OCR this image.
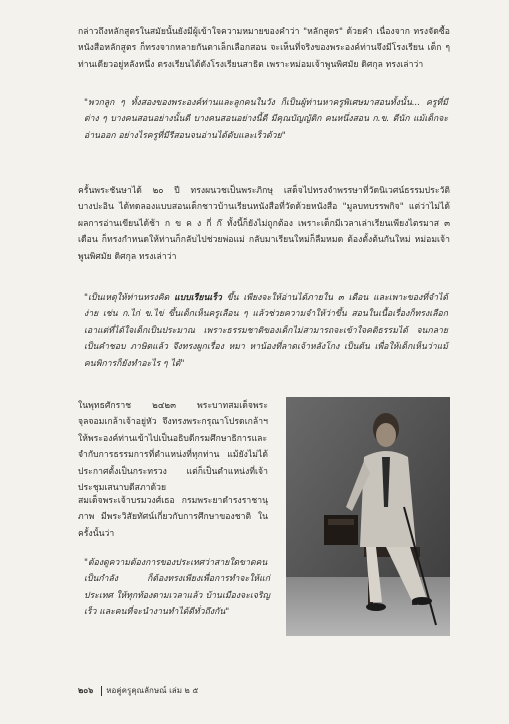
กล่าวถึงหลักสูตรในสมัยนั้นยังมีผู้เข้าใจความหมายของคำว่า "หลักสูตร" ด้วยคำ เนื่องจาก ทรงจัดซื้อหนังสือหลักสูตร ก็ทรงจากหลายกันตาเล็กเลือกสอน จะเห็นที่จริงของพระองค์ท่านจึงมีโรงเรียน เด็ก ๆ ท่านเดียวอยู่หลังหนึ่ง ตรงเรียนได้ดังโรงเรียนสาธิต เพราะหม่อมเจ้าพูนพิศมัย ดิศกุล ทรงเล่าว่า

"พวกลูก ๆ ทั้งสองของพระองค์ท่านและลูกคนในวัง ก็เป็นผู้ท่านหาครูพิเศษมาสอนทั้งนั้น... ครูที่มีต่าง ๆ บางคนสอนอย่างนั้นดี บางคนสอนอย่างนี้ดี มีคุณบัญญัติก คนหนึ่งสอน ก.ข. ดีนัก แม้เด็กจะอ่านออก อย่างไรครูที่มีรีสอนจนอ่านได้ดับและเร็วด้วย"

ครั้นพระชันษาได้ ๒๐ ปี ทรงผนวชเป็นพระภิกษุ เสด็จไปทรงจำพรรษาที่วัดนิเวศน์ธรรมประวัติ บางปะอิน ได้ทดลองแบบสอนเด็กชาวบ้านเรียนหนังสือที่วัดด้วยหนังสือ "มูลบทบรรพกิจ" แต่ว่าไม่ได้ผลการอ่านเขียนได้ช้า ก ข ค ง กี่ ก๊ ทั้งนี้ก็ยังไม่ถูกต้อง เพราะเด็กมีเวลาเล่าเรียนเพียงไตรมาส ๓ เดือน ก็ทรงกำหนดให้ท่านก็กลับไปช่วยพ่อแม่ กลับมาเรียนใหม่ก็ลืมหมด ต้องตั้งต้นกันใหม่ หม่อมเจ้าพูนพิศมัย ดิศกุล ทรงเล่าว่า

"เป็นเหตุให้ท่านทรงคิด แบบเรียนเร็ว ขึ้น เพียงจะให้อ่านได้ภายใน ๓ เดือน และเพาะของที่จำได้ง่าย เช่น ก.ไก่ ข.ไข่ ขึ้นเด็กเห็นครูเลือน ๆ แล้วช่วยความจำให้ว่าขึ้น สอนในเนื้อเรื่องก็ทรงเลือกเอาแต่ที่ได้ใจเด็กเป็นประมาณ เพราะธรรมชาติของเด็กไม่สามารถจะเข้าใจคติธรรมได้ จนกลายเป็นคำชอบ ภาษิตแล้ว จึงทรงผูกเรื่อง หมา หาน้องที่ลาดเจ้าหลังโกง เป็นต้น เพื่อให้เด็กเห็นว่าแม้คนพิการก็ยังทำอะไร ๆ ได้"

ในพุทธศักราช ๒๔๒๓ พระบาทสมเด็จพระจุลจอมเกล้าเจ้าอยู่หัว จึงทรงพระกรุณาโปรดเกล้าฯ ให้พระองค์ท่านเข้าไปเป็นอธิบดีกรมศึกษาธิการและจำกับการธรรมการที่ตำแหน่งที่ทุกท่าน แม้ยังไม่ได้ประกาศตั้งเป็นกระทรวง แต่ก็เป็นตำแหน่งที่เจ้าประชุมเสนาบดีสภาด้วย

สมเด็จพระเจ้าบรมวงศ์เธอ กรมพระยาดำรงราชานุภาพ มีพระวิสัยทัศน์เกี่ยวกับการศึกษาของชาติ ในครั้งนั้นว่า

"ต้องดูความต้องการของประเทศว่าสายใดขาดคนเป็นกำลัง ก็ต้องทรงเพียงเพื่อการทำจะให้แก่ประเทศ ให้ทุกท้องตามเวลาแล้ว บ้านเมืองจะเจริญเร็ว และคนที่จะนำงานทำได้ดีทั่วถึงกัน"

๒๐๖ หอคู่ครูคุณลักษณ์ เล่ม ๒ ๕
